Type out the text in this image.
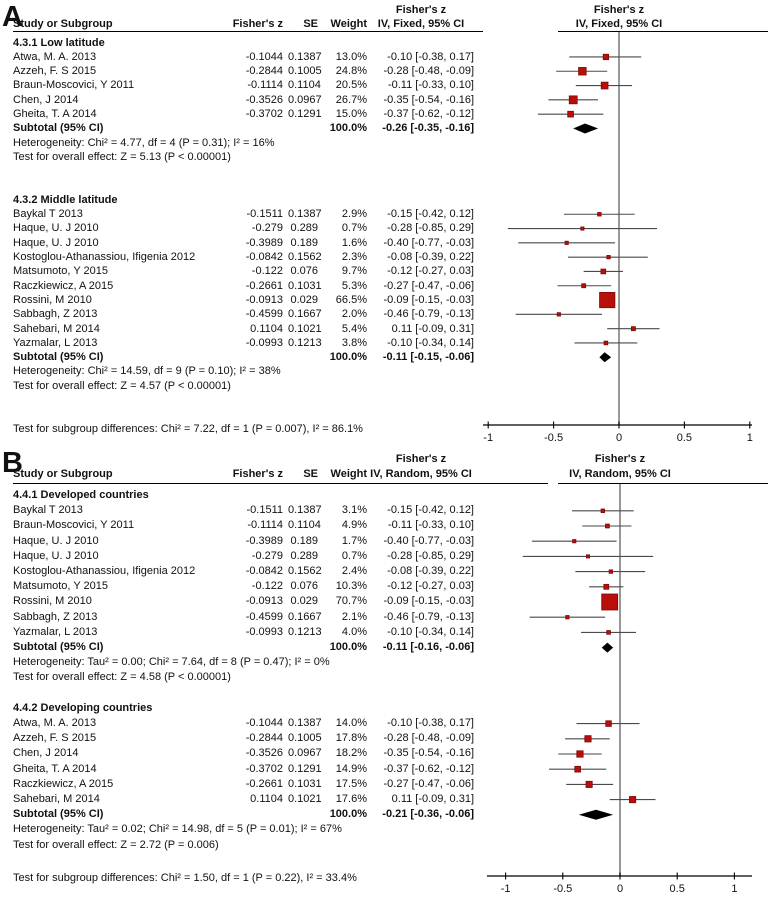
-1	-0.5	0	0.5	1
-1	-0.5	0	0.5	1
A	Fisher's z	Fisher's z
Study or Subgroup	Fisher's z	SE	Weight IV, Fixed, 95% CI	IV, Fixed, 95% CI
4.3.1 Low latitude
Atwa, M. A. 2013	-0.1044 0.1387	13.0%	-0.10 [-0.38, 0.17]
Azzeh, F. S 2015	-0.2844 0.1005	24.8%	-0.28 [-0.48, -0.09]
Braun-Moscovici, Y 2011	-0.1114 0.1104	20.5%	-0.11 [-0.33, 0.10]
Chen, J 2014	-0.3526 0.0967	26.7%	-0.35 [-0.54, -0.16]
Gheita, T. A 2014	-0.3702 0.1291	15.0%	-0.37 [-0.62, -0.12]
Subtotal (95% CI)	100.0%	-0.26 [-0.35, -0.16]
Heterogeneity: Chi² = 4.77, df = 4 (P = 0.31); I² = 16%
Test for overall effect: Z = 5.13 (P < 0.00001)
4.3.2 Middle latitude
Baykal T 2013	-0.1511 0.1387	2.9%	-0.15 [-0.42, 0.12]
Haque, U. J 2010	-0.279 0.289	0.7%	-0.28 [-0.85, 0.29]
Haque, U. J 2010	-0.3989 0.189	1.6%	-0.40 [-0.77, -0.03]
Kostoglou-Athanassiou, Ifigenia 2012	-0.0842 0.1562	2.3%	-0.08 [-0.39, 0.22]
Matsumoto, Y 2015	-0.122 0.076	9.7%	-0.12 [-0.27, 0.03]
Raczkiewicz, A 2015	-0.2661 0.1031	5.3%	-0.27 [-0.47, -0.06]
Rossini, M 2010	-0.0913 0.029	66.5%	-0.09 [-0.15, -0.03]
Sabbagh, Z 2013	-0.4599 0.1667	2.0%	-0.46 [-0.79, -0.13]
Sahebari, M 2014	0.1104 0.1021	5.4%	0.11 [-0.09, 0.31]
Yazmalar, L 2013	-0.0993 0.1213	3.8%	-0.10 [-0.34, 0.14]
Subtotal (95% CI)	100.0%	-0.11 [-0.15, -0.06]
Heterogeneity: Chi² = 14.59, df = 9 (P = 0.10); I² = 38%
Test for overall effect: Z = 4.57 (P < 0.00001)
Test for subgroup differences: Chi² = 7.22, df = 1 (P = 0.007), I² = 86.1%
B	Fisher's z	Fisher's z
Study or Subgroup	Fisher's z	SE	Weight IV, Random, 95% CI	IV, Random, 95% CI
4.4.1 Developed countries
Baykal T 2013	-0.1511 0.1387	3.1%	-0.15 [-0.42, 0.12]
Braun-Moscovici, Y 2011	-0.1114 0.1104	4.9%	-0.11 [-0.33, 0.10]
Haque, U. J 2010	-0.3989 0.189	1.7%	-0.40 [-0.77, -0.03]
Haque, U. J 2010	-0.279 0.289	0.7%	-0.28 [-0.85, 0.29]
Kostoglou-Athanassiou, Ifigenia 2012	-0.0842 0.1562	2.4%	-0.08 [-0.39, 0.22]
Matsumoto, Y 2015	-0.122 0.076	10.3%	-0.12 [-0.27, 0.03]
Rossini, M 2010	-0.0913 0.029	70.7%	-0.09 [-0.15, -0.03]
Sabbagh, Z 2013	-0.4599 0.1667	2.1%	-0.46 [-0.79, -0.13]
Yazmalar, L 2013	-0.0993 0.1213	4.0%	-0.10 [-0.34, 0.14]
Subtotal (95% CI)	100.0%	-0.11 [-0.16, -0.06]
Heterogeneity: Tau² = 0.00; Chi² = 7.64, df = 8 (P = 0.47); I² = 0%
Test for overall effect: Z = 4.58 (P < 0.00001)
4.4.2 Developing countries
Atwa, M. A. 2013	-0.1044 0.1387	14.0%	-0.10 [-0.38, 0.17]
Azzeh, F. S 2015	-0.2844 0.1005	17.8%	-0.28 [-0.48, -0.09]
Chen, J 2014	-0.3526 0.0967	18.2%	-0.35 [-0.54, -0.16]
Gheita, T. A 2014	-0.3702 0.1291	14.9%	-0.37 [-0.62, -0.12]
Raczkiewicz, A 2015	-0.2661 0.1031	17.5%	-0.27 [-0.47, -0.06]
Sahebari, M 2014	0.1104 0.1021	17.6%	0.11 [-0.09, 0.31]
Subtotal (95% CI)	100.0%	-0.21 [-0.36, -0.06]
Heterogeneity: Tau² = 0.02; Chi² = 14.98, df = 5 (P = 0.01); I² = 67%
Test for overall effect: Z = 2.72 (P = 0.006)
Test for subgroup differences: Chi² = 1.50, df = 1 (P = 0.22), I² = 33.4%
